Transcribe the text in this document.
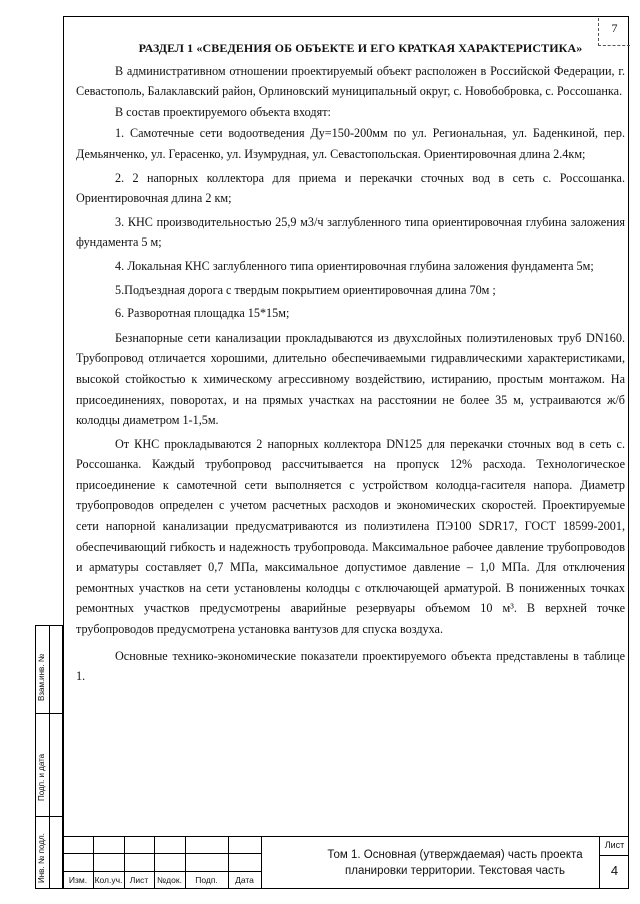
7
Взам.инв. №
Подп. и дата
Инв. № подл.
РАЗДЕЛ 1 «СВЕДЕНИЯ ОБ ОБЪЕКТЕ И ЕГО КРАТКАЯ ХАРАКТЕРИСТИКА»

В административном отношении проектируемый объект расположен в Российской Федерации, г. Севастополь, Балаклавский район, Орлиновский муниципальный округ, с. Новобобровка, с. Россошанка.

В состав проектируемого объекта входят:

1. Самотечные сети водоотведения Ду=150-200мм по ул. Региональная, ул. Баденкиной, пер. Демьянченко, ул. Герасенко, ул. Изумрудная, ул. Севастопольская. Ориентировочная длина 2.4км;

2. 2 напорных коллектора для приема и перекачки сточных вод в сеть с. Россошанка. Ориентировочная длина 2 км;

3. КНС производительностью 25,9 м3/ч заглубленного типа ориентировочная глубина заложения фундамента 5 м;

4. Локальная КНС заглубленного типа ориентировочная глубина заложения фундамента 5м;

5.Подъездная дорога с твердым покрытием ориентировочная длина 70м ;

6. Разворотная площадка 15*15м;

Безнапорные сети канализации прокладываются из двухслойных полиэтиленовых труб DN160. Трубопровод отличается хорошими, длительно обеспечиваемыми гидравлическими характеристиками, высокой стойкостью к химическому агрессивному воздействию, истиранию, простым монтажом. На присоединениях, поворотах, и на прямых участках на расстоянии не более 35 м, устраиваются ж/б колодцы диаметром 1-1,5м.

От КНС прокладываются 2 напорных коллектора DN125 для перекачки сточных вод в сеть с. Россошанка. Каждый трубопровод рассчитывается на пропуск 12% расхода. Технологическое присоединение к самотечной сети выполняется с устройством колодца-гасителя напора. Диаметр трубопроводов определен с учетом расчетных расходов и экономических скоростей. Проектируемые сети напорной канализации предусматриваются из полиэтилена ПЭ100 SDR17, ГОСТ 18599-2001, обеспечивающий гибкость и надежность трубопровода. Максимальное рабочее давление трубопроводов и арматуры составляет 0,7 МПа, максимальное допустимое давление – 1,0 МПа. Для отключения ремонтных участков на сети установлены колодцы с отключающей арматурой. В пониженных точках ремонтных участков предусмотрены аварийные резервуары объемом 10 м³. В верхней точке трубопроводов предусмотрена установка вантузов для спуска воздуха.

Основные технико-экономические показатели проектируемого объекта представлены в таблице 1.

Изм. Кол.уч. Лист	№док.	Подп.	Дата
Том 1. Основная (утверждаемая) часть проекта
планировки территории. Текстовая часть
Лист
4
